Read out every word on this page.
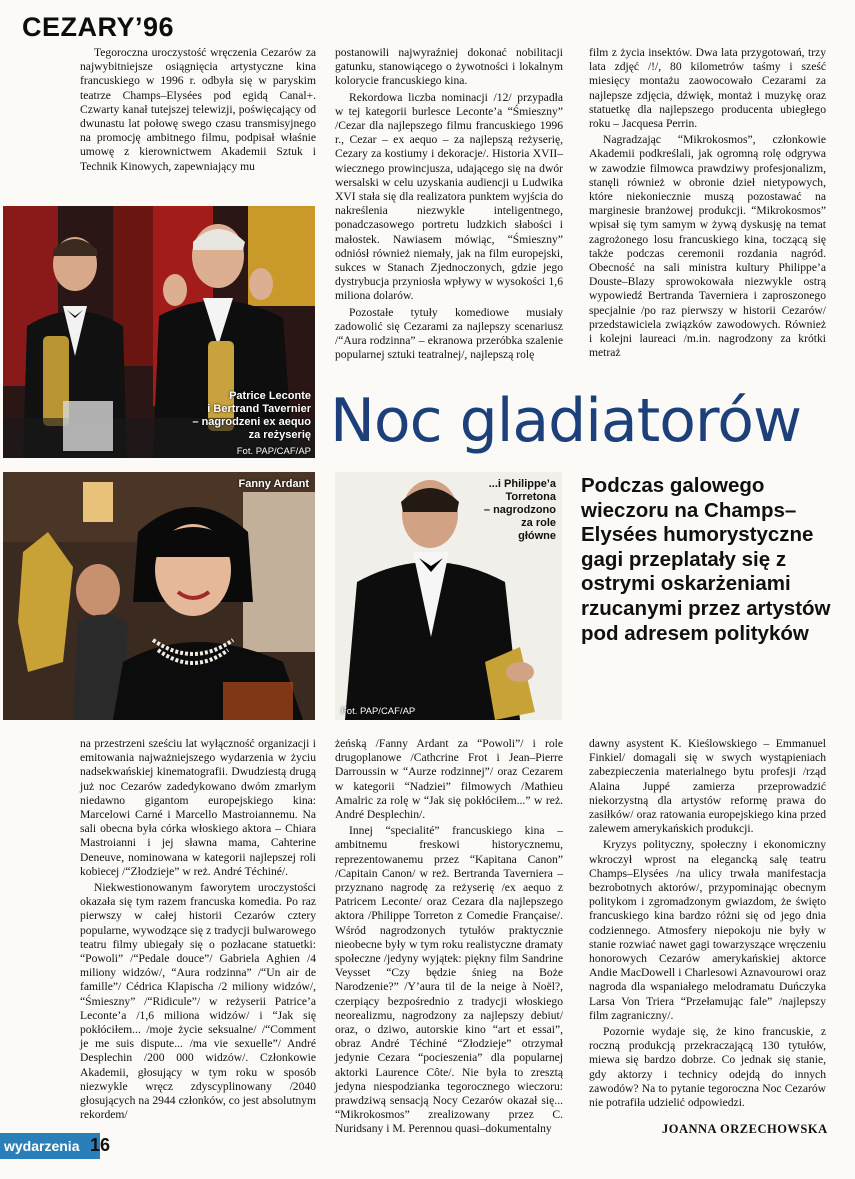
CEZARY’96

Tegoroczna uroczystość wręczenia Cezarów za najwybitniejsze osiągnięcia artystyczne kina francuskiego w 1996 r. odbyła się w paryskim teatrze Champs–Elysées pod egidą Canal+. Czwarty kanał tutejszej telewizji, poświęcający od dwunastu lat połowę swego czasu transmisyjnego na promocję ambitnego filmu, podpisał właśnie umowę z kierownictwem Akademii Sztuk i Technik Kinowych, zapewniający mu

postanowili najwyraźniej dokonać nobilitacji gatunku, stanowiącego o żywotności i lokalnym kolorycie francuskiego kina.

Rekordowa liczba nominacji /12/ przypadła w tej kategorii burlesce Leconte’a “Śmieszny” /Cezar dla najlepszego filmu francuskiego 1996 r., Cezar – ex aequo – za najlepszą reżyserię, Cezary za kostiumy i dekoracje/. Historia XVII–wiecznego prowincjusza, udającego się na dwór wersalski w celu uzyskania audiencji u Ludwika XVI stała się dla realizatora punktem wyjścia do nakreślenia niezwykle inteligentnego, ponadczasowego portretu ludzkich słabości i małostek. Nawiasem mówiąc, “Śmieszny” odniósł również niemały, jak na film europejski, sukces w Stanach Zjednoczonych, gdzie jego dystrybucja przyniosła wpływy w wysokości 1,6 miliona dolarów.

Pozostałe tytuły komediowe musiały zadowolić się Cezarami za najlepszy scenariusz /“Aura rodzinna” – ekranowa przeróbka szalenie popularnej sztuki teatralnej/, najlepszą rolę

film z życia insektów. Dwa lata przygotowań, trzy lata zdjęć /!/, 80 kilometrów taśmy i sześć miesięcy montażu zaowocowało Cezarami za najlepsze zdjęcia, dźwięk, montaż i muzykę oraz statuetkę dla najlepszego producenta ubiegłego roku – Jacquesa Perrin.

Nagradzając “Mikrokosmos”, członkowie Akademii podkreślali, jak ogromną rolę odgrywa w zawodzie filmowca prawdziwy profesjonalizm, stanęli również w obronie dzieł nietypowych, które niekoniecznie muszą pozostawać na marginesie branżowej produkcji. “Mikrokosmos” wpisał się tym samym w żywą dyskusję na temat zagrożonego losu francuskiego kina, toczącą się także podczas ceremonii rozdania nagród. Obecność na sali ministra kultury Philippe’a Douste–Blazy sprowokowała niezwykle ostrą wypowiedź Bertranda Taverniera i zaproszonego specjalnie /po raz pierwszy w historii Cezarów/ przedstawiciela związków zawodowych. Również i kolejni laureaci /m.in. nagrodzony za krótki metraż

Patrice Leconte
i Bertrand Tavernier
– nagrodzeni ex aequo
za reżyserię
Fot. PAP/CAF/AP Noc gladiatorów
Fanny Ardant	...i Philippe’a
Torretona
– nagrodzono
za role
główne
Fot. PAP/CAF/AP
Podczas galowego wieczoru na Champs–Elysées humorystyczne gagi przeplatały się z ostrymi oskarżeniami rzucanymi przez artystów pod adresem polityków

na przestrzeni sześciu lat wyłączność organizacji i emitowania najważniejszego wydarzenia w życiu nadsekwańskiej kinematografii. Dwudziestą drugą już noc Cezarów zadedykowano dwóm zmarłym niedawno gigantom europejskiego kina: Marcelowi Carné i Marcello Mastroiannemu. Na sali obecna była córka włoskiego aktora – Chiara Mastroianni i jej sławna mama, Cahterine Deneuve, nominowana w kategorii najlepszej roli kobiecej /“Złodzieje” w reż. André Téchiné/.

Niekwestionowanym faworytem uroczystości okazała się tym razem francuska komedia. Po raz pierwszy w całej historii Cezarów cztery popularne, wywodzące się z tradycji bulwarowego teatru filmy ubiegały się o pozłacane statuetki: “Powoli” /“Pedale douce”/ Gabriela Aghien /4 miliony widzów/, “Aura rodzinna” /“Un air de famille”/ Cédrica Klapischa /2 miliony widzów/, “Śmieszny” /“Ridicule”/ w reżyserii Patrice’a Leconte’a /1,6 miliona widzów/ i “Jak się pokłóciłem... /moje życie seksualne/ /“Comment je me suis dispute... /ma vie sexuelle”/ André Desplechin /200 000 widzów/. Członkowie Akademii, głosujący w tym roku w sposób niezwykle wręcz zdyscyplinowany /2040 głosujących na 2944 członków, co jest absolutnym rekordem/

żeńską /Fanny Ardant za “Powoli”/ i role drugoplanowe /Cathcrine Frot i Jean–Pierre Darroussin w “Aurze rodzinnej”/ oraz Cezarem w kategorii “Nadziei” filmowych /Mathieu Amalric za rolę w “Jak się pokłóciłem...” w reż. André Desplechin/.

Innej “specialité” francuskiego kina – ambitnemu freskowi historycznemu, reprezentowanemu przez “Kapitana Canon” /Capitain Canon/ w reż. Bertranda Taverniera – przyznano nagrodę za reżyserię /ex aequo z Patricem Leconte/ oraz Cezara dla najlepszego aktora /Philippe Torreton z Comedie Française/. Wśród nagrodzonych tytułów praktycznie nieobecne były w tym roku realistyczne dramaty społeczne /jedyny wyjątek: piękny film Sandrine Veysset “Czy będzie śnieg na Boże Narodzenie?” /Y’aura til de la neige à Noël?, czerpiący bezpośrednio z tradycji włoskiego neorealizmu, nagrodzony za najlepszy debiut/ oraz, o dziwo, autorskie kino “art et essai”, obraz André Téchiné “Złodzieje” otrzymał jedynie Cezara “pocieszenia” dla popularnej aktorki Laurence Côte/. Nie była to zresztą jedyna niespodzianka tegorocznego wieczoru: prawdziwą sensacją Nocy Cezarów okazał się... “Mikrokosmos” zrealizowany przez C. Nuridsany i M. Perennou quasi–dokumentalny

dawny asystent K. Kieślowskiego – Emmanuel Finkiel/ domagali się w swych wystąpieniach zabezpieczenia materialnego bytu profesji /rząd Alaina Juppé zamierza przeprowadzić niekorzystną dla artystów reformę prawa do zasiłków/ oraz ratowania europejskiego kina przed zalewem amerykańskich produkcji.

Kryzys polityczny, społeczny i ekonomiczny wkroczył wprost na elegancką salę teatru Champs–Elysées /na ulicy trwała manifestacja bezrobotnych aktorów/, przypominając obecnym politykom i zgromadzonym gwiazdom, że święto francuskiego kina bardzo różni się od jego dnia codziennego. Atmosfery niepokoju nie były w stanie rozwiać nawet gagi towarzyszące wręczeniu honorowych Cezarów amerykańskiej aktorce Andie MacDowell i Charlesowi Aznavourowi oraz nagroda dla wspaniałego melodramatu Duńczyka Larsa Von Triera “Przełamując fale” /najlepszy film zagraniczny/.

Pozornie wydaje się, że kino francuskie, z roczną produkcją przekraczającą 130 tytułów, miewa się bardzo dobrze. Co jednak się stanie, gdy aktorzy i technicy odejdą do innych zawodów? Na to pytanie tegoroczna Noc Cezarów nie potrafiła udzielić odpowiedzi.

JOANNA ORZECHOWSKA
wydarzenia 16
